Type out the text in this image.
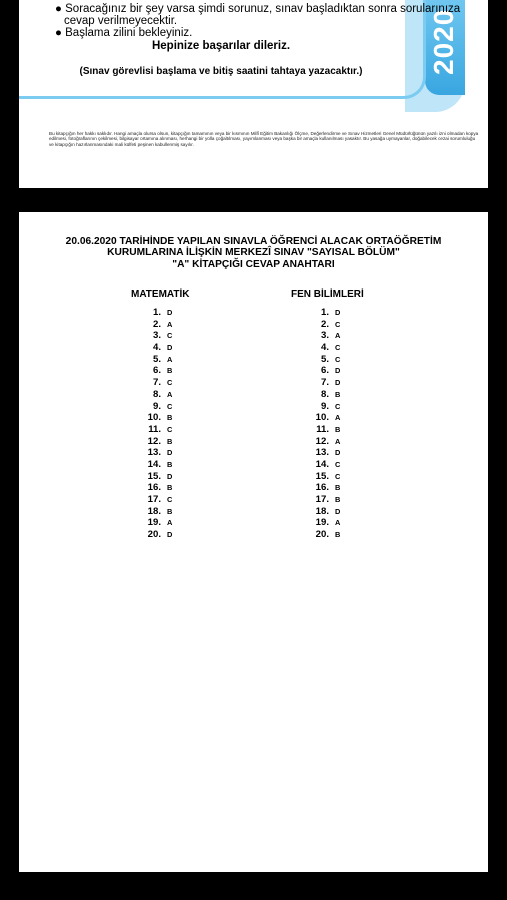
2020
● Soracağınız bir şey varsa şimdi sorunuz, sınav başladıktan sonra sorularınıza
cevap verilmeyecektir.
● Başlama zilini bekleyiniz.
Hepinize başarılar dileriz.
(Sınav görevlisi başlama ve bitiş saatini tahtaya yazacaktır.)
Bu kitapçığın her hakkı saklıdır. Hangi amaçla olursa olsun, kitapçığın tamamının veya bir kısmının Millî Eğitim Bakanlığı Ölçme, Değerlendirme ve Sınav Hizmetleri Genel Müdürlüğünün yazılı izni olmadan kopya edilmesi, fotoğraflarının çekilmesi, bilgisayar ortamına alınması, herhangi bir yolla çoğaltılması, yayımlanması veya başka bir amaçla kullanılması yasaktır. Bu yasağa uymayanlar, doğabilecek cezai sorumluluğu ve kitapçığın hazırlanmasındaki mali külfeti peşinen kabullenmiş sayılır.
20.06.2020 TARİHİNDE YAPILAN SINAVLA ÖĞRENCİ ALACAK ORTAÖĞRETİM
KURUMLARINA İLİŞKİN MERKEZÎ SINAV "SAYISAL BÖLÜM"
"A" KİTAPÇIĞI CEVAP ANAHTARI
MATEMATİK	FEN BİLİMLERİ
1. D
2. A
3. C
4. D
5. A
6. B
7. C
8. A
9. C
10. B
11. C
12. B
13. D
14. B
15. D
16. B
17. C
18. B
19. A
20. D
1. D
2. C
3. A
4. C
5. C
6. D
7. D
8. B
9. C
10. A
11. B
12. A
13. D
14. C
15. C
16. B
17. B
18. D
19. A
20. B
